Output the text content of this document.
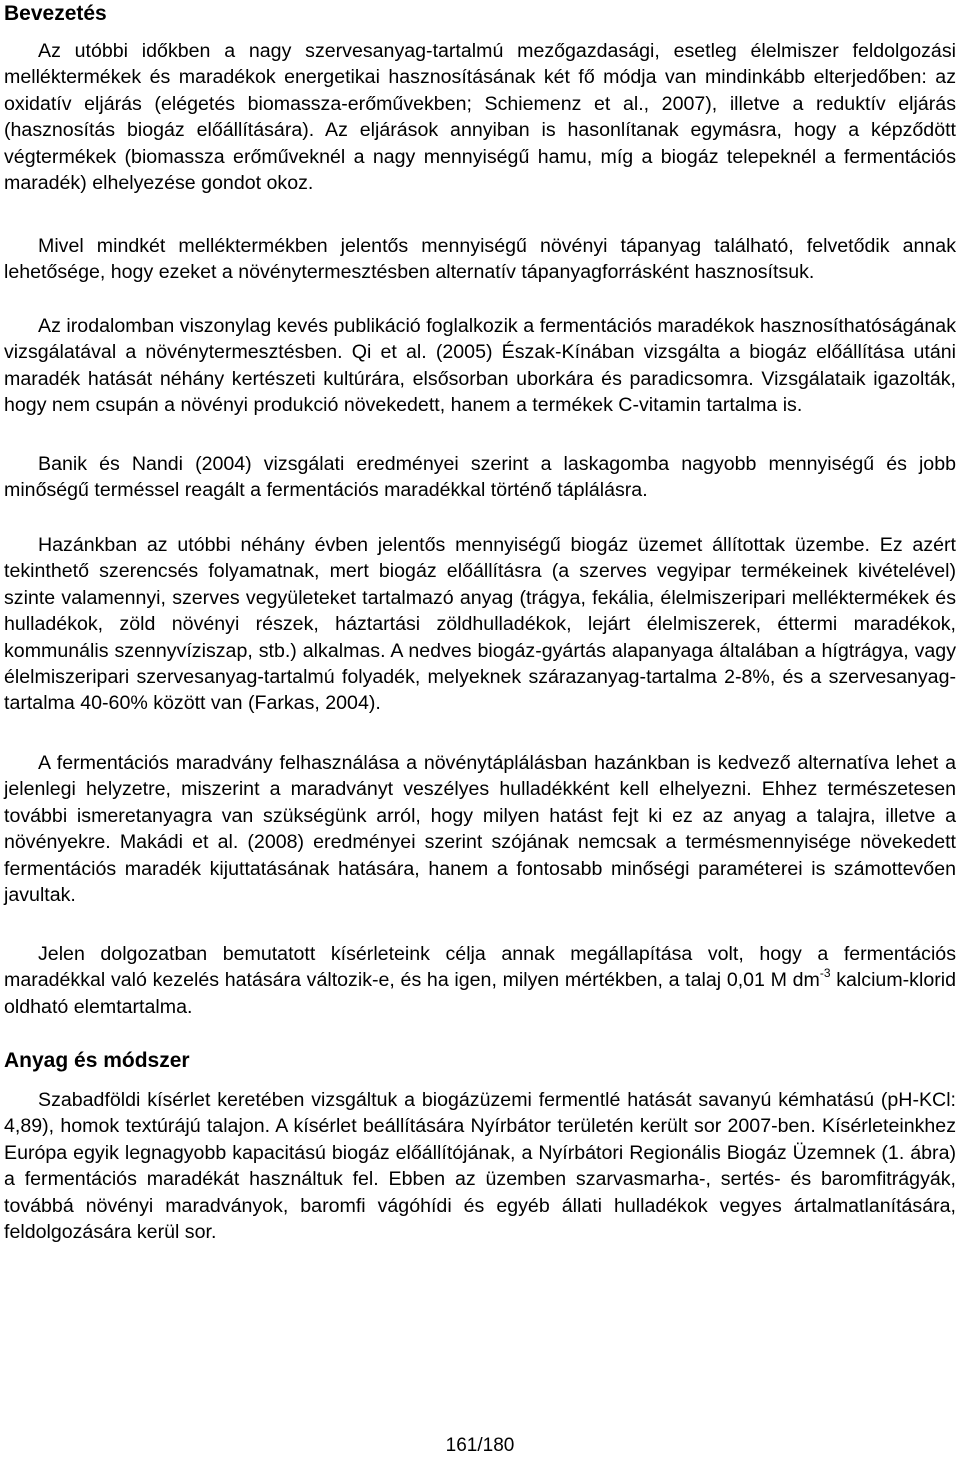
Bevezetés

Az utóbbi időkben a nagy szervesanyag-tartalmú mezőgazdasági, esetleg élelmiszer feldolgozási melléktermékek és maradékok energetikai hasznosításának két fő módja van mindinkább elterjedőben: az oxidatív eljárás (elégetés biomassza-erőművekben; Schiemenz et al., 2007), illetve a reduktív eljárás (hasznosítás biogáz előállítására). Az eljárások annyiban is hasonlítanak egymásra, hogy a képződött végtermékek (biomassza erőműveknél a nagy mennyiségű hamu, míg a biogáz telepeknél a fermentációs maradék) elhelyezése gondot okoz.

Mivel mindkét melléktermékben jelentős mennyiségű növényi tápanyag található, felvetődik annak lehetősége, hogy ezeket a növénytermesztésben alternatív tápanyagforrásként hasznosítsuk.

Az irodalomban viszonylag kevés publikáció foglalkozik a fermentációs maradékok hasznosíthatóságának vizsgálatával a növénytermesztésben. Qi et al. (2005) Észak-Kínában vizsgálta a biogáz előállítása utáni maradék hatását néhány kertészeti kultúrára, elsősorban uborkára és paradicsomra. Vizsgálataik igazolták, hogy nem csupán a növényi produkció növekedett, hanem a termékek C-vitamin tartalma is.

Banik és Nandi (2004) vizsgálati eredményei szerint a laskagomba nagyobb mennyiségű és jobb minőségű terméssel reagált a fermentációs maradékkal történő táplálásra.

Hazánkban az utóbbi néhány évben jelentős mennyiségű biogáz üzemet állítottak üzembe. Ez azért tekinthető szerencsés folyamatnak, mert biogáz előállításra (a szerves vegyipar termékeinek kivételével) szinte valamennyi, szerves vegyületeket tartalmazó anyag (trágya, fekália, élelmiszeripari melléktermékek és hulladékok, zöld növényi részek, háztartási zöldhulladékok, lejárt élelmiszerek, éttermi maradékok, kommunális szennyvíziszap, stb.) alkalmas. A nedves biogáz-gyártás alapanyaga általában a hígtrágya, vagy élelmiszeripari szervesanyag-tartalmú folyadék, melyeknek szárazanyag-tartalma 2-8%, és a szervesanyag-tartalma 40-60% között van (Farkas, 2004).

A fermentációs maradvány felhasználása a növénytáplálásban hazánkban is kedvező alternatíva lehet a jelenlegi helyzetre, miszerint a maradványt veszélyes hulladékként kell elhelyezni. Ehhez természetesen további ismeretanyagra van szükségünk arról, hogy milyen hatást fejt ki ez az anyag a talajra, illetve a növényekre. Makádi et al. (2008) eredményei szerint szójának nemcsak a termésmennyisége növekedett fermentációs maradék kijuttatásának hatására, hanem a fontosabb minőségi paraméterei is számottevően javultak.

Jelen dolgozatban bemutatott kísérleteink célja annak megállapítása volt, hogy a fermentációs maradékkal való kezelés hatására változik-e, és ha igen, milyen mértékben, a talaj 0,01 M $dm^{-3}$ kalcium-klorid oldható elemtartalma.

Anyag és módszer

Szabadföldi kísérlet keretében vizsgáltuk a biogázüzemi fermentlé hatását savanyú kémhatású (pH-KCl: 4,89), homok textúrájú talajon. A kísérlet beállítására Nyírbátor területén került sor 2007-ben. Kísérleteinkhez Európa egyik legnagyobb kapacitású biogáz előállítójának, a Nyírbátori Regionális Biogáz Üzemnek (1. ábra) a fermentációs maradékát használtuk fel. Ebben az üzemben szarvasmarha-, sertés- és baromfitrágyák, továbbá növényi maradványok, baromfi vágóhídi és egyéb állati hulladékok vegyes ártalmatlanítására, feldolgozására kerül sor.

161/180
